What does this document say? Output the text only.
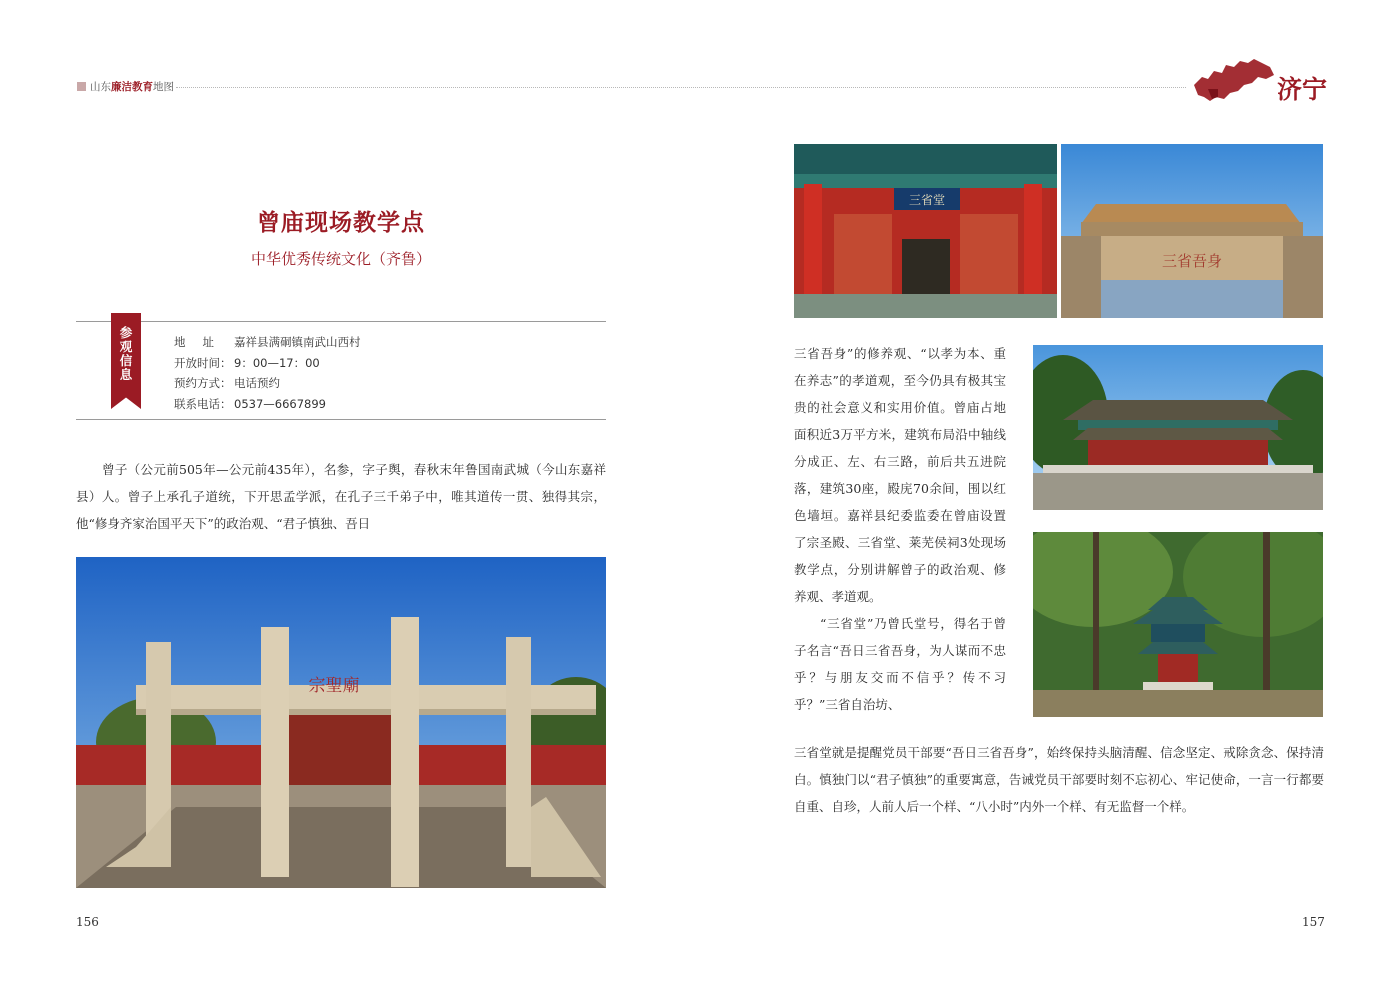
山东廉洁教育地图	济宁
曾庙现场教学点
中华优秀传统文化（齐鲁）
参
观
信
息
地址 嘉祥县满硐镇南武山西村
开放时间： 9：00—17：00
预约方式： 电话预约
联系电话： 0537—6667899
曾子（公元前505年—公元前435年），名参，字子舆，春秋末年鲁国南武城（今山东嘉祥县）人。曾子上承孔子道统，下开思孟学派，在孔子三千弟子中，唯其道传一贯、独得其宗，他“修身齐家治国平天下”的政治观、“君子慎独、吾日
三省吾身”的修养观、“以孝为本、重在养志”的孝道观，至今仍具有极其宝贵的社会意义和实用价值。曾庙占地面积近3万平方米，建筑布局沿中轴线分成正、左、右三路，前后共五进院落，建筑30座，殿庑70余间，围以红色墙垣。嘉祥县纪委监委在曾庙设置了宗圣殿、三省堂、莱芜侯祠3处现场教学点，分别讲解曾子的政治观、修养观、孝道观。
“三省堂”乃曾氏堂号，得名于曾子名言“吾日三省吾身，为人谋而不忠乎？与朋友交而不信乎？传不习乎？”三省自治坊、
三省堂就是提醒党员干部要“吾日三省吾身”，始终保持头脑清醒、信念坚定、戒除贪念、保持清白。慎独门以“君子慎独”的重要寓意，告诫党员干部要时刻不忘初心、牢记使命，一言一行都要自重、自珍，人前人后一个样、“八小时”内外一个样、有无监督一个样。
宗聖廟
三省堂
三省吾身
156	157
